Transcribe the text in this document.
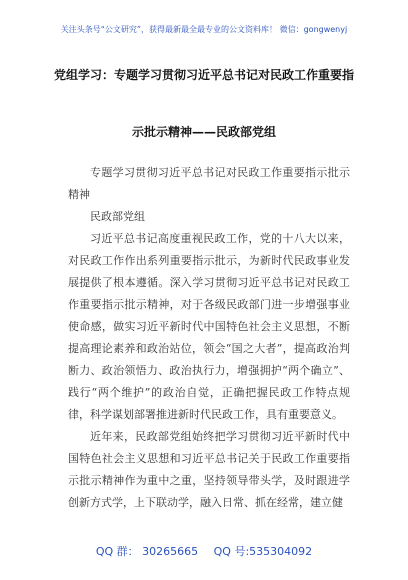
关注头条号“公文研究”，获得最新最全最专业的公文资料库！ 微信：gongwenyj
党组学习：专题学习贯彻习近平总书记对民政工作重要指
示批示精神——民政部党组

专题学习贯彻习近平总书记对民政工作重要指示批示精神

民政部党组

习近平总书记高度重视民政工作，党的十八大以来，对民政工作作出系列重要指示批示，为新时代民政事业发展提供了根本遵循。深入学习贯彻习近平总书记对民政工作重要指示批示精神，对于各级民政部门进一步增强事业使命感，做实习近平新时代中国特色社会主义思想，不断提高理论素养和政治站位，领会“国之大者”，提高政治判断力、政治领悟力、政治执行力，增强拥护“两个确立”、践行“两个维护”的政治自觉，正确把握民政工作特点规律，科学谋划部署推进新时代民政工作，具有重要意义。

近年来，民政部党组始终把学习贯彻习近平新时代中国特色社会主义思想和习近平总书记关于民政工作重要指示批示精神作为重中之重，坚持领导带头学，及时跟进学创新方式学，上下联动学，融入日常、抓在经常，建立健

QQ 群： 30265665 QQ 号:535304092
